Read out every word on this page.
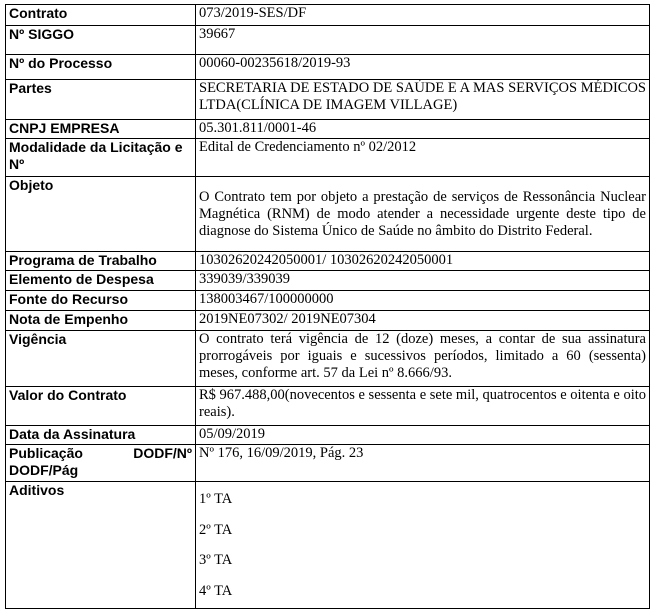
Contrato	073/2019-SES/DF
Nº SIGGO	39667
Nº do Processo	00060-00235618/2019-93
Partes	SECRETARIA DE ESTADO DE SAÚDE E A MAS SERVIÇOS MÉDICOS LTDA(CLÍNICA DE IMAGEM VILLAGE)
CNPJ EMPRESA	05.301.811/0001-46
Modalidade da Licitação e Nº	Edital de Credenciamento nº 02/2012
Objeto	O Contrato tem por objeto a prestação de serviços de Ressonância Nuclear Magnética (RNM) de modo atender a necessidade urgente deste tipo de diagnose do Sistema Único de Saúde no âmbito do Distrito Federal.
Programa de Trabalho	10302620242050001/ 10302620242050001
Elemento de Despesa	339039/339039
Fonte do Recurso	138003467/100000000
Nota de Empenho	2019NE07302/ 2019NE07304
Vigência	O contrato terá vigência de 12 (doze) meses, a contar de sua assinatura prorrogáveis por iguais e sucessivos períodos, limitado a 60 (sessenta) meses, conforme art. 57 da Lei nº 8.666/93.
Valor do Contrato	R$ 967.488,00(novecentos e sessenta e sete mil, quatrocentos e oitenta e oito reais).
Data da Assinatura	05/09/2019

Publicação DODF/Nº DODF/Pág	Nº 176, 16/09/2019, Pág. 23
Aditivos	1º TA
2º TA
3º TA
4º TA
